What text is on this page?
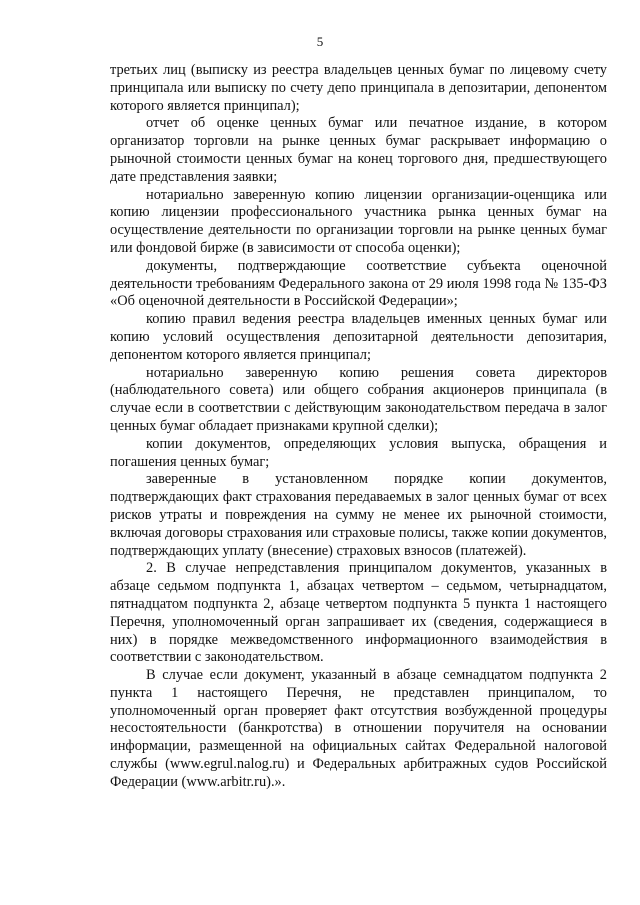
5

третьих лиц (выписку из реестра владельцев ценных бумаг по лицевому счету принципала или выписку по счету депо принципала в депозитарии, депонентом которого является принципал);

отчет об оценке ценных бумаг или печатное издание, в котором организатор торговли на рынке ценных бумаг раскрывает информацию о рыночной стоимости ценных бумаг на конец торгового дня, предшествующего дате представления заявки;

нотариально заверенную копию лицензии организации-оценщика или копию лицензии профессионального участника рынка ценных бумаг на осуществление деятельности по организации торговли на рынке ценных бумаг или фондовой бирже (в зависимости от способа оценки);

документы, подтверждающие соответствие субъекта оценочной деятельности требованиям Федерального закона от 29 июля 1998 года № 135-ФЗ «Об оценочной деятельности в Российской Федерации»;

копию правил ведения реестра владельцев именных ценных бумаг или копию условий осуществления депозитарной деятельности депозитария, депонентом которого является принципал;

нотариально заверенную копию решения совета директоров (наблюдательного совета) или общего собрания акционеров принципала (в случае если в соответствии с действующим законодательством передача в залог ценных бумаг обладает признаками крупной сделки);

копии документов, определяющих условия выпуска, обращения и погашения ценных бумаг;

заверенные в установленном порядке копии документов, подтверждающих факт страхования передаваемых в залог ценных бумаг от всех рисков утраты и повреждения на сумму не менее их рыночной стоимости, включая договоры страхования или страховые полисы, также копии документов, подтверждающих уплату (внесение) страховых взносов (платежей).

2. В случае непредставления принципалом документов, указанных в абзаце седьмом подпункта 1, абзацах четвертом – седьмом, четырнадцатом, пятнадцатом подпункта 2, абзаце четвертом подпункта 5 пункта 1 настоящего Перечня, уполномоченный орган запрашивает их (сведения, содержащиеся в них) в порядке межведомственного информационного взаимодействия в соответствии с законодательством.

В случае если документ, указанный в абзаце семнадцатом подпункта 2 пункта 1 настоящего Перечня, не представлен принципалом, то уполномоченный орган проверяет факт отсутствия возбужденной процедуры несостоятельности (банкротства) в отношении поручителя на основании информации, размещенной на официальных сайтах Федеральной налоговой службы (www.egrul.nalog.ru) и Федеральных арбитражных судов Российской Федерации (www.arbitr.ru).».
